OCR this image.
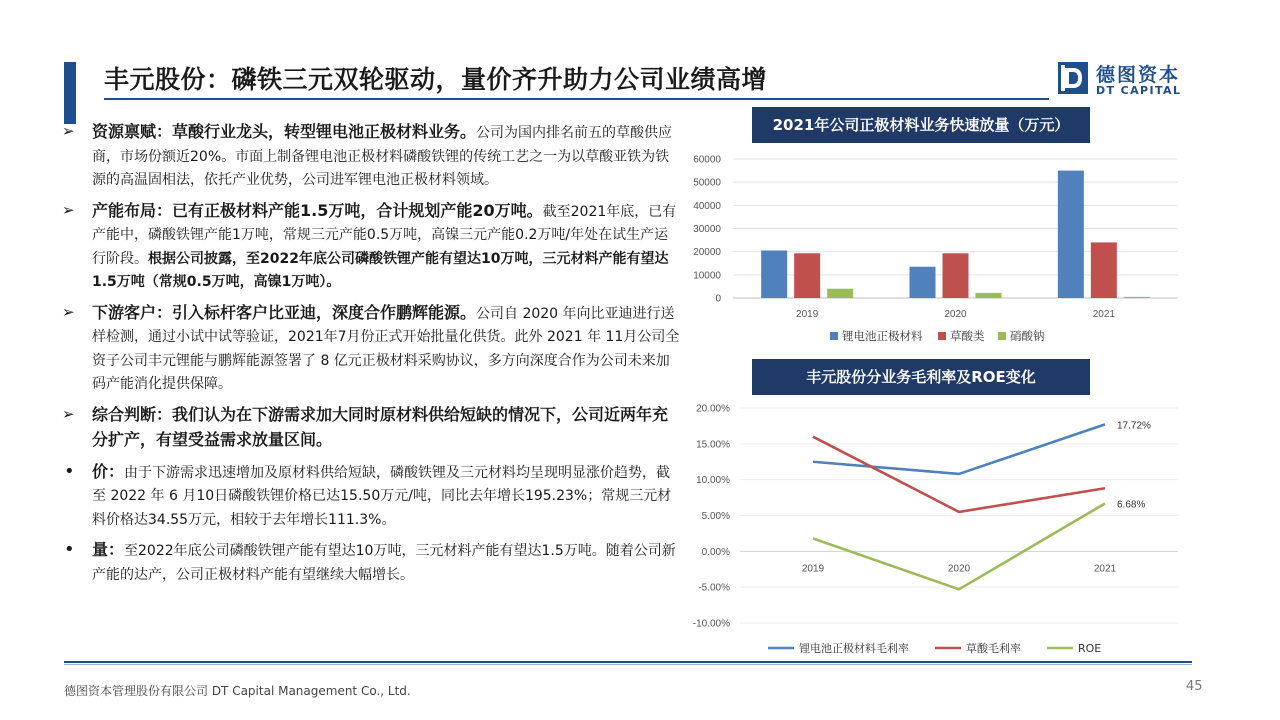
丰元股份：磷铁三元双轮驱动，量价齐升助力公司业绩高增	德图资本
DT CAPITAL
➢ 资源禀赋：草酸行业龙头，转型锂电池正极材料业务。公司为国内排名前五的草酸供应商，市场份额近20%。市面上制备锂电池正极材料磷酸铁锂的传统工艺之一为以草酸亚铁为铁源的高温固相法，依托产业优势，公司进军锂电池正极材料领域。
➢ 产能布局：已有正极材料产能1.5万吨，合计规划产能20万吨。截至2021年底，已有产能中，磷酸铁锂产能1万吨，常规三元产能0.5万吨，高镍三元产能0.2万吨/年处在试生产运行阶段。根据公司披露，至2022年底公司磷酸铁锂产能有望达10万吨，三元材料产能有望达1.5万吨（常规0.5万吨，高镍1万吨）。
➢ 下游客户：引入标杆客户比亚迪，深度合作鹏辉能源。公司自 2020 年向比亚迪进行送样检测，通过小试中试等验证，2021年7月份正式开始批量化供货。此外 2021 年 11月公司全资子公司丰元锂能与鹏辉能源签署了 8 亿元正极材料采购协议，多方向深度合作为公司未来加码产能消化提供保障。
➢ 综合判断：我们认为在下游需求加大同时原材料供给短缺的情况下，公司近两年充分扩产，有望受益需求放量区间。
• 价：由于下游需求迅速增加及原材料供给短缺，磷酸铁锂及三元材料均呈现明显涨价趋势，截至 2022 年 6 月10日磷酸铁锂价格已达15.50万元/吨，同比去年增长195.23%；常规三元材料价格达34.55万元，相较于去年增长111.3%。
• 量：至2022年底公司磷酸铁锂产能有望达10万吨，三元材料产能有望达1.5万吨。随着公司新产能的达产，公司正极材料产能有望继续大幅增长。
2021年公司正极材料业务快速放量（万元）
0
10000
20000
30000
40000
50000
60000
2019	2020	2021
锂电池正极材料 草酸类 硝酸钠
丰元股份分业务毛利率及ROE变化
20.00%
15.00%
10.00%
5.00%
0.00%
-5.00%
-10.00%
2019	2020	2021
17.72%
6.68%
锂电池正极材料毛利率	草酸毛利率	ROE
德图资本管理股份有限公司 DT Capital Management Co., Ltd.	45
